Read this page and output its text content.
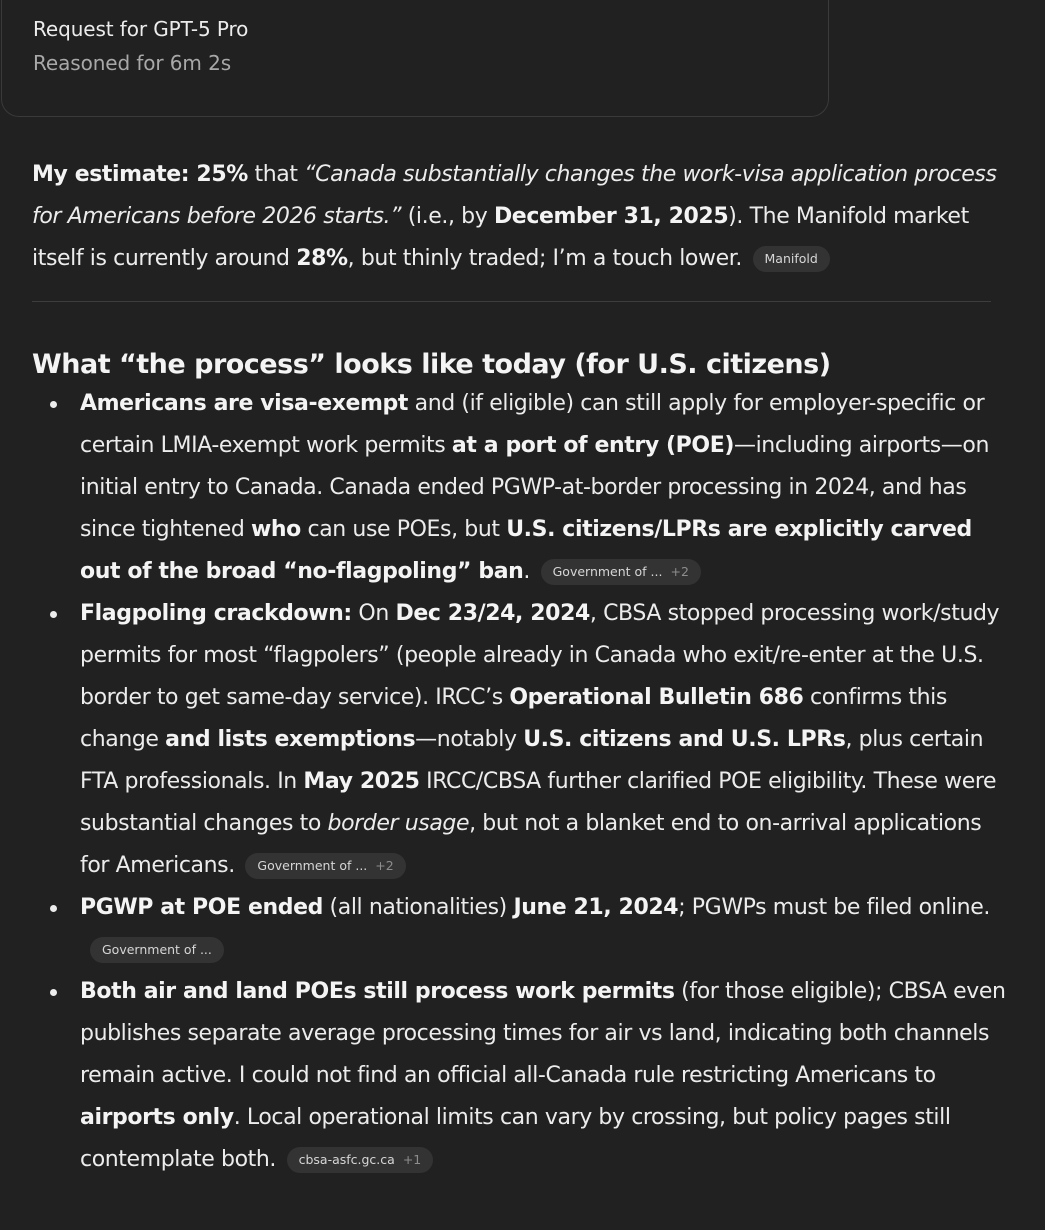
Request for GPT-5 Pro
Reasoned for 6m 2s

My estimate: 25% that “Canada substantially changes the work-visa application process for Americans before 2026 starts.” (i.e., by December 31, 2025). The Manifold market itself is currently around 28%, but thinly traded; I’m a touch lower. Manifold

What “the process” looks like today (for U.S. citizens)
Americans are visa-exempt and (if eligible) can still apply for employer-specific or certain LMIA-exempt work permits at a port of entry (POE)—including airports—on initial entry to Canada. Canada ended PGWP-at-border processing in 2024, and has since tightened who can use POEs, but U.S. citizens/LPRs are explicitly carved out of the broad “no-flagpoling” ban. Government of ... +2
Flagpoling crackdown: On Dec 23/24, 2024, CBSA stopped processing work/study permits for most “flagpolers” (people already in Canada who exit/re-enter at the U.S. border to get same-day service). IRCC’s Operational Bulletin 686 confirms this change and lists exemptions—notably U.S. citizens and U.S. LPRs, plus certain FTA professionals. In May 2025 IRCC/CBSA further clarified POE eligibility. These were substantial changes to border usage, but not a blanket end to on-arrival applications for Americans. Government of ... +2
PGWP at POE ended (all nationalities) June 21, 2024; PGWPs must be filed online.
Government of ...
Both air and land POEs still process work permits (for those eligible); CBSA even publishes separate average processing times for air vs land, indicating both channels remain active. I could not find an official all-Canada rule restricting Americans to airports only. Local operational limits can vary by crossing, but policy pages still contemplate both. cbsa-asfc.gc.ca +1
